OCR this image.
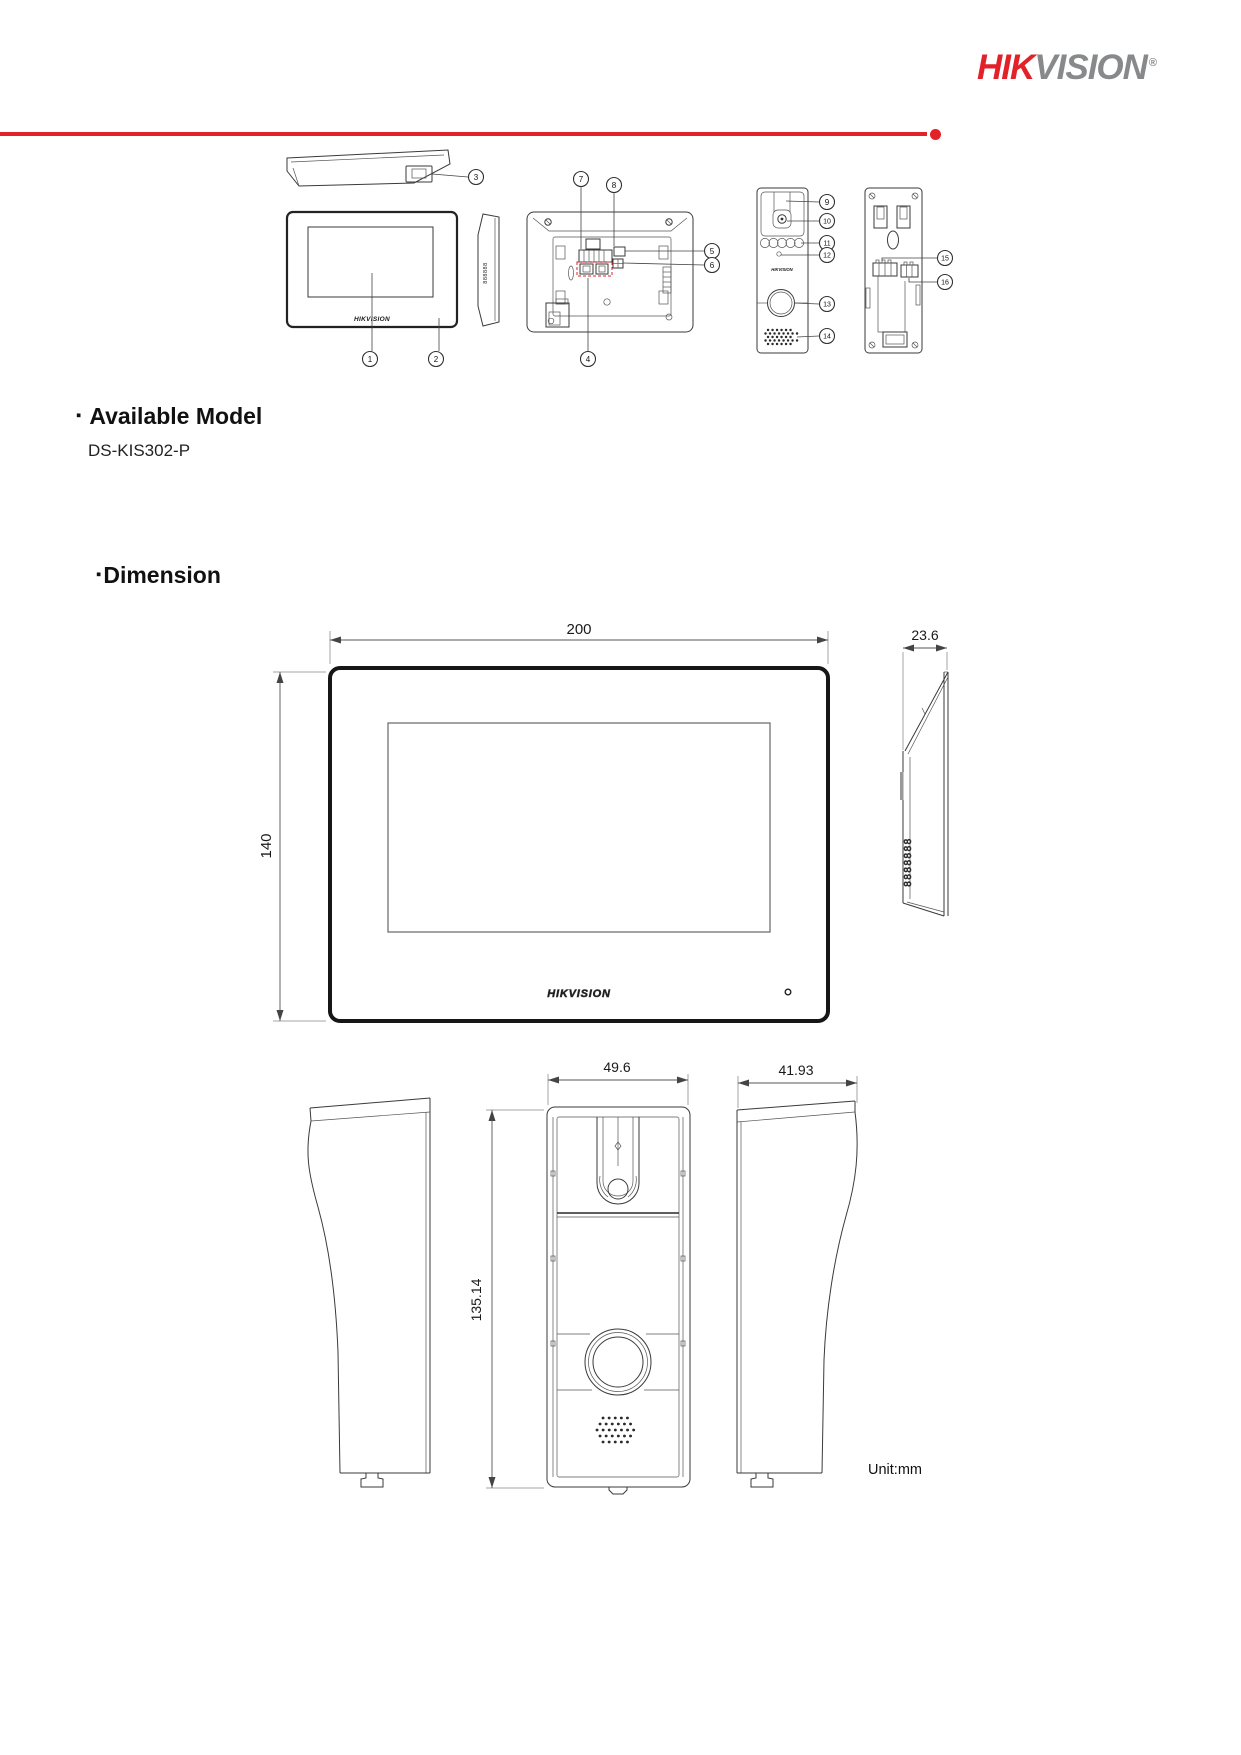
HIKVISION ®
HIKVISION
888888	HIKVISION
1	2
3
4
5
6
7
8
9
10
11
12
13
14
15
16
▪ Available Model
DS-KIS302-P
▪ Dimension
200
140
HIKVISION
23.6
8888888
49.6	41.93
135.14
Unit:mm
